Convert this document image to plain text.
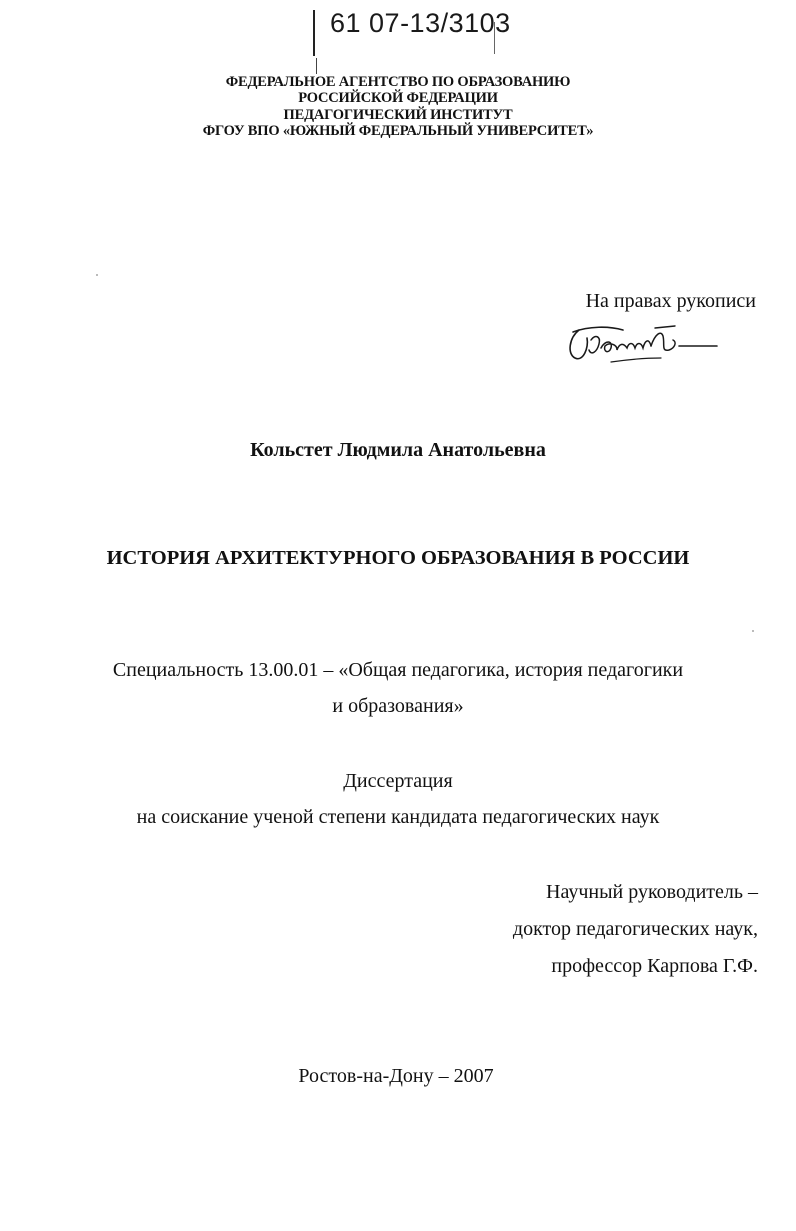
61 07-13/3103
ФЕДЕРАЛЬНОЕ АГЕНТСТВО ПО ОБРАЗОВАНИЮ
РОССИЙСКОЙ ФЕДЕРАЦИИ
ПЕДАГОГИЧЕСКИЙ ИНСТИТУТ
ФГОУ ВПО «ЮЖНЫЙ ФЕДЕРАЛЬНЫЙ УНИВЕРСИТЕТ»
На правах рукописи
Кольстет Людмила Анатольевна
ИСТОРИЯ АРХИТЕКТУРНОГО ОБРАЗОВАНИЯ В РОССИИ
Специальность 13.00.01 – «Общая педагогика, история педагогики
и образования»
Диссертация
на соискание ученой степени кандидата педагогических наук
Научный руководитель –
доктор педагогических наук,
профессор Карпова Г.Ф.
Ростов-на-Дону – 2007
